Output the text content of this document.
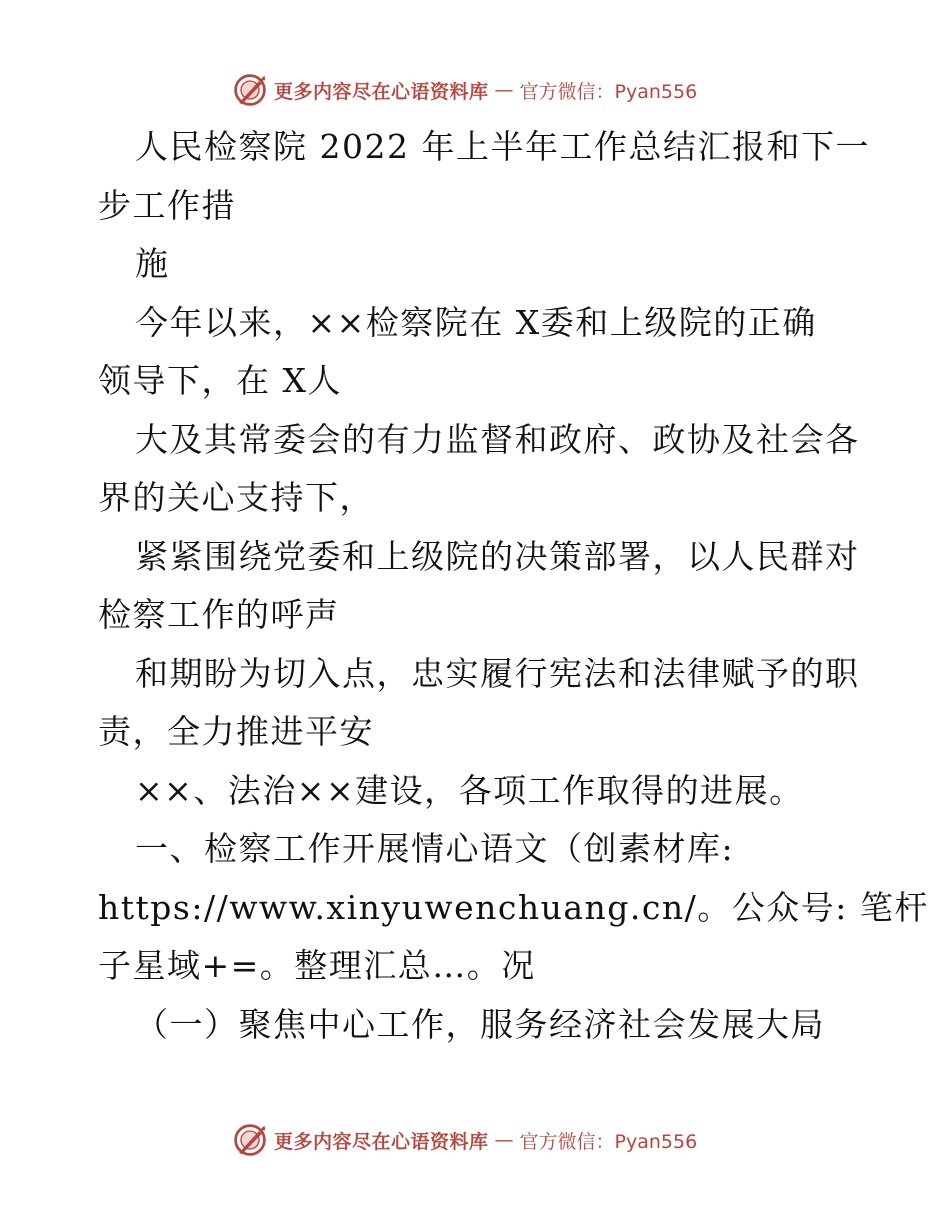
更多内容尽在心语资料库 — 官方微信：Pyan556
人民检察院 2022 年上半年工作总结汇报和下一
步工作措
施
今年以来，××检察院在 X委和上级院的正确
领导下，在 X人
大及其常委会的有力监督和政府、政协及社会各
界的关心支持下，
紧紧围绕党委和上级院的决策部署，以人民群对
检察工作的呼声
和期盼为切入点，忠实履行宪法和法律赋予的职
责，全力推进平安
××、法治××建设，各项工作取得的进展。
一、检察工作开展情心语文（创素材库:
https://www.xinyuwenchuang.cn/。公众号: 笔杆
子星域+=。整理汇总…。况
（一）聚焦中心工作，服务经济社会发展大局
更多内容尽在心语资料库 — 官方微信：Pyan556
